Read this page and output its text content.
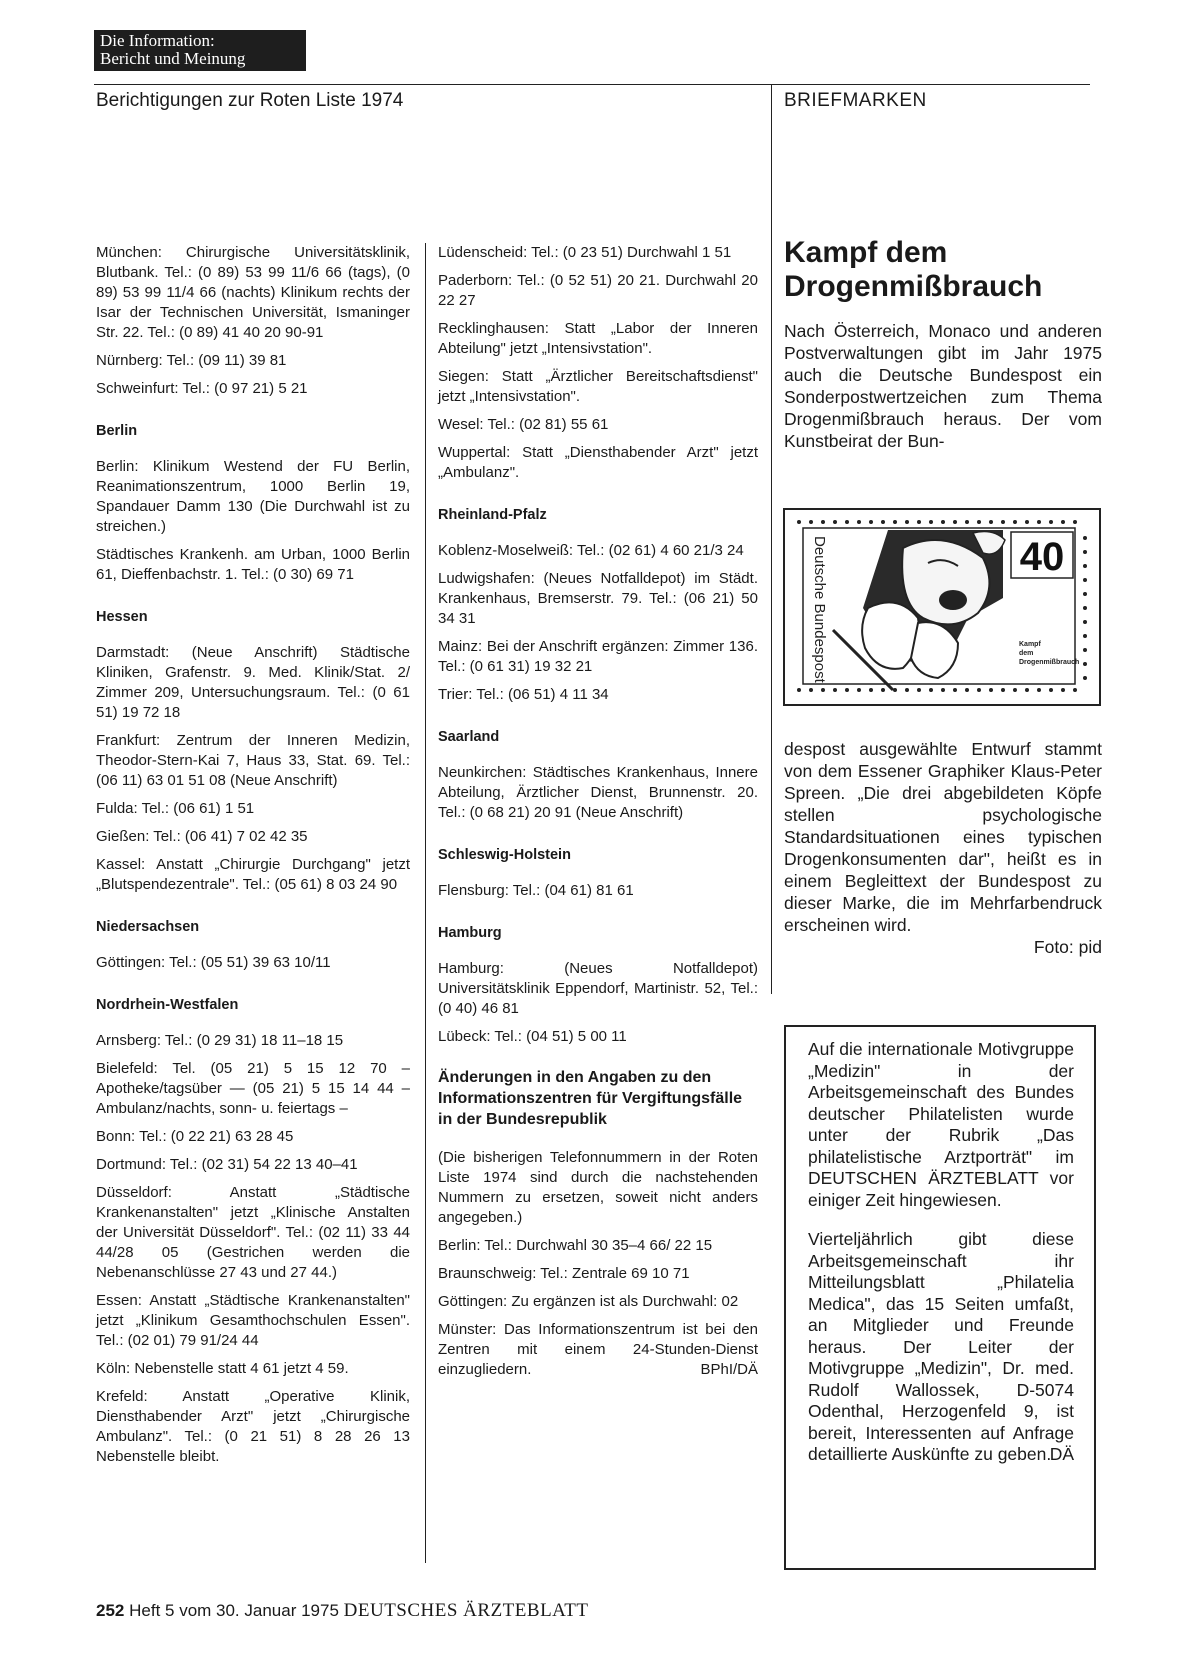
Die Information:
Bericht und Meinung
Berichtigungen zur Roten Liste 1974	BRIEFMARKEN

München: Chirurgische Universitätsklinik, Blutbank. Tel.: (0 89) 53 99 11/6 66 (tags), (0 89) 53 99 11/4 66 (nachts) Klinikum rechts der Isar der Technischen Universität, Ismaninger Str. 22. Tel.: (0 89) 41 40 20 90-91

Nürnberg: Tel.: (09 11) 39 81

Schweinfurt: Tel.: (0 97 21) 5 21

Berlin

Berlin: Klinikum Westend der FU Berlin, Reanimationszentrum, 1000 Berlin 19, Spandauer Damm 130 (Die Durchwahl ist zu streichen.)

Städtisches Krankenh. am Urban, 1000 Berlin 61, Dieffenbachstr. 1. Tel.: (0 30) 69 71

Hessen

Darmstadt: (Neue Anschrift) Städtische Kliniken, Grafenstr. 9. Med. Klinik/Stat. 2/ Zimmer 209, Untersuchungsraum. Tel.: (0 61 51) 19 72 18

Frankfurt: Zentrum der Inneren Medizin, Theodor-Stern-Kai 7, Haus 33, Stat. 69. Tel.: (06 11) 63 01 51 08 (Neue Anschrift)

Fulda: Tel.: (06 61) 1 51

Gießen: Tel.: (06 41) 7 02 42 35

Kassel: Anstatt „Chirurgie Durchgang" jetzt „Blutspendezentrale". Tel.: (05 61) 8 03 24 90

Niedersachsen

Göttingen: Tel.: (05 51) 39 63 10/11

Nordrhein-Westfalen

Arnsberg: Tel.: (0 29 31) 18 11–18 15

Bielefeld: Tel. (05 21) 5 15 12 70 – Apotheke/tagsüber — (05 21) 5 15 14 44 – Ambulanz/nachts, sonn- u. feiertags –

Bonn: Tel.: (0 22 21) 63 28 45

Dortmund: Tel.: (02 31) 54 22 13 40–41

Düsseldorf: Anstatt „Städtische Krankenanstalten" jetzt „Klinische Anstalten der Universität Düsseldorf". Tel.: (02 11) 33 44 44/28 05 (Gestrichen werden die Nebenanschlüsse 27 43 und 27 44.)

Essen: Anstatt „Städtische Krankenanstalten" jetzt „Klinikum Gesamthochschulen Essen". Tel.: (02 01) 79 91/24 44

Köln: Nebenstelle statt 4 61 jetzt 4 59.

Krefeld: Anstatt „Operative Klinik, Diensthabender Arzt" jetzt „Chirurgische Ambulanz". Tel.: (0 21 51) 8 28 26 13 Nebenstelle bleibt.

Lüdenscheid: Tel.: (0 23 51) Durchwahl 1 51

Paderborn: Tel.: (0 52 51) 20 21. Durchwahl 20 22 27

Recklinghausen: Statt „Labor der Inneren Abteilung" jetzt „Intensivstation".

Siegen: Statt „Ärztlicher Bereitschaftsdienst" jetzt „Intensivstation".

Wesel: Tel.: (02 81) 55 61

Wuppertal: Statt „Diensthabender Arzt" jetzt „Ambulanz".

Rheinland-Pfalz

Koblenz-Moselweiß: Tel.: (02 61) 4 60 21/3 24

Ludwigshafen: (Neues Notfalldepot) im Städt. Krankenhaus, Bremserstr. 79. Tel.: (06 21) 50 34 31

Mainz: Bei der Anschrift ergänzen: Zimmer 136. Tel.: (0 61 31) 19 32 21

Trier: Tel.: (06 51) 4 11 34

Saarland

Neunkirchen: Städtisches Krankenhaus, Innere Abteilung, Ärztlicher Dienst, Brunnenstr. 20. Tel.: (0 68 21) 20 91 (Neue Anschrift)

Schleswig-Holstein

Flensburg: Tel.: (04 61) 81 61

Hamburg

Hamburg: (Neues Notfalldepot) Universitätsklinik Eppendorf, Martinistr. 52, Tel.: (0 40) 46 81

Lübeck: Tel.: (04 51) 5 00 11

Änderungen in den Angaben zu den Informationszentren für Vergiftungsfälle in der Bundesrepublik

(Die bisherigen Telefonnummern in der Roten Liste 1974 sind durch die nachstehenden Nummern zu ersetzen, soweit nicht anders angegeben.)

Berlin: Tel.: Durchwahl 30 35–4 66/ 22 15

Braunschweig: Tel.: Zentrale 69 10 71

Göttingen: Zu ergänzen ist als Durchwahl: 02

Münster: Das Informationszentrum ist bei den Zentren mit einem 24-Stunden-Dienst einzugliedern.	BPhI/DÄ

Kampf dem Drogenmißbrauch

Nach Österreich, Monaco und anderen Postverwaltungen gibt im Jahr 1975 auch die Deutsche Bundespost ein Sonderpostwertzeichen zum Thema Drogenmißbrauch heraus. Der vom Kunstbeirat der Bun-

40
Deutsche Bundespost	Kampf
dem
Drogenmißbrauch

despost ausgewählte Entwurf stammt von dem Essener Graphiker Klaus-Peter Spreen. „Die drei abgebildeten Köpfe stellen psychologische Standardsituationen eines typischen Drogenkonsumenten dar", heißt es in einem Begleittext der Bundespost zu dieser Marke, die im Mehrfarbendruck erscheinen wird.

Foto: pid

Auf die internationale Motivgruppe „Medizin" in der Arbeitsgemeinschaft des Bundes deutscher Philatelisten wurde unter der Rubrik „Das philatelistische Arztporträt" im DEUTSCHEN ÄRZTEBLATT vor einiger Zeit hingewiesen.

Vierteljährlich gibt diese Arbeitsgemeinschaft ihr Mitteilungsblatt „Philatelia Medica", das 15 Seiten umfaßt, an Mitglieder und Freunde heraus. Der Leiter der Motivgruppe „Medizin", Dr. med. Rudolf Wallossek, D-5074 Odenthal, Herzogenfeld 9, ist bereit, Interessenten auf Anfrage detaillierte Auskünfte zu geben.

DÄ

252 Heft 5 vom 30. Januar 1975 DEUTSCHES ÄRZTEBLATT
